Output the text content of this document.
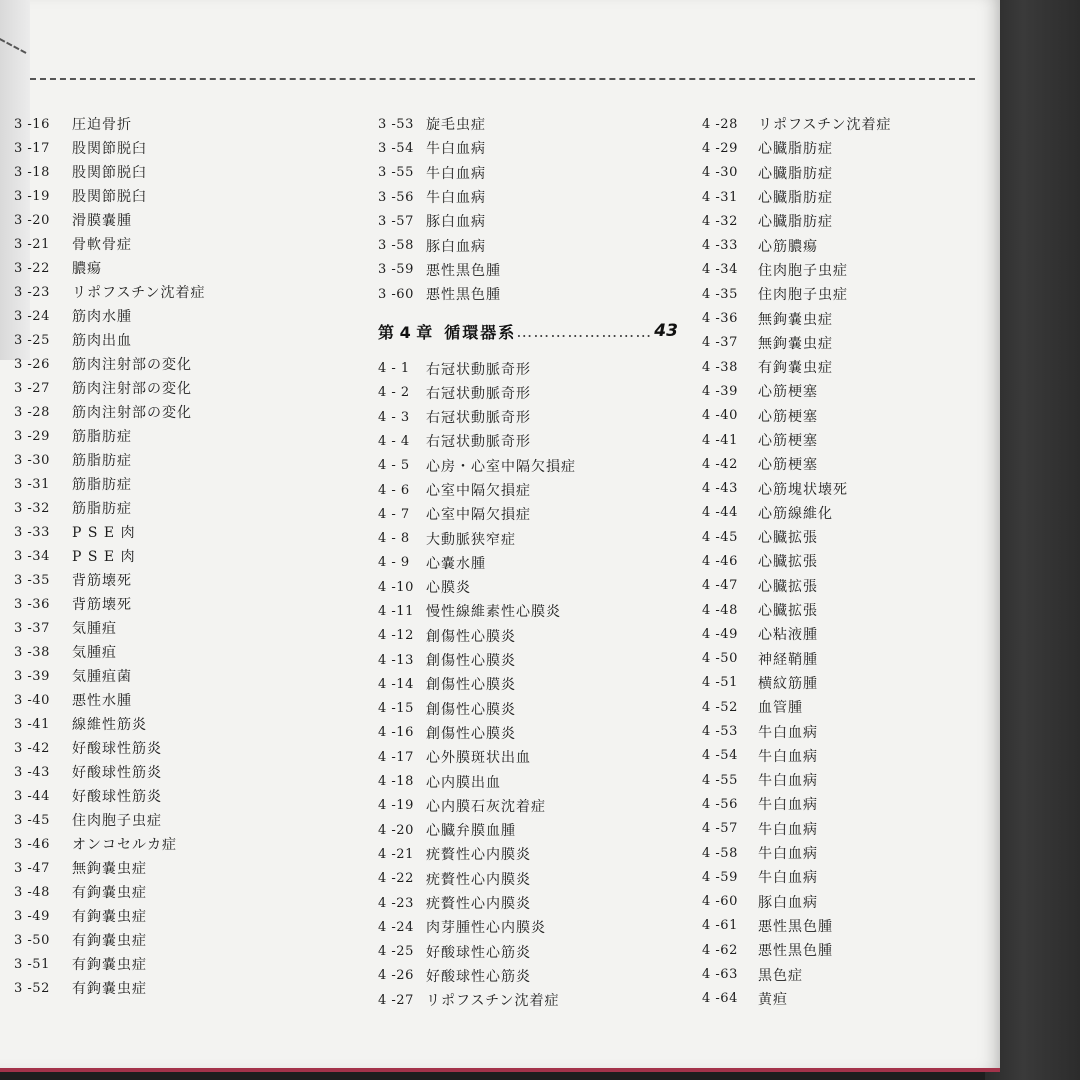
3 -16	圧迫骨折
3 -17	股関節脱臼
3 -18	股関節脱臼
3 -19	股関節脱臼
3 -20	滑膜嚢腫
3 -21	骨軟骨症
3 -22	膿瘍
3 -23	リポフスチン沈着症
3 -24	筋肉水腫
3 -25	筋肉出血
3 -26	筋肉注射部の変化
3 -27	筋肉注射部の変化
3 -28	筋肉注射部の変化
3 -29	筋脂肪症
3 -30	筋脂肪症
3 -31	筋脂肪症
3 -32	筋脂肪症
3 -33	P S E 肉
3 -34	P S E 肉
3 -35	背筋壊死
3 -36	背筋壊死
3 -37	気腫疽
3 -38	気腫疽
3 -39	気腫疽菌
3 -40	悪性水腫
3 -41	線維性筋炎
3 -42	好酸球性筋炎
3 -43	好酸球性筋炎
3 -44	好酸球性筋炎
3 -45	住肉胞子虫症
3 -46	オンコセルカ症
3 -47	無鉤嚢虫症
3 -48	有鉤嚢虫症
3 -49	有鉤嚢虫症
3 -50	有鉤嚢虫症
3 -51	有鉤嚢虫症
3 -52	有鉤嚢虫症
3 -53 旋毛虫症
3 -54 牛白血病
3 -55 牛白血病
3 -56 牛白血病
3 -57 豚白血病
3 -58 豚白血病
3 -59 悪性黒色腫
3 -60 悪性黒色腫
第 4 章 循環器系 …………………… 43
4 - 1	右冠状動脈奇形
4 - 2	右冠状動脈奇形
4 - 3	右冠状動脈奇形
4 - 4	右冠状動脈奇形
4 - 5	心房・心室中隔欠損症
4 - 6	心室中隔欠損症
4 - 7	心室中隔欠損症
4 - 8	大動脈狭窄症
4 - 9	心嚢水腫
4 -10 心膜炎
4 -11 慢性線維素性心膜炎
4 -12 創傷性心膜炎
4 -13 創傷性心膜炎
4 -14 創傷性心膜炎
4 -15 創傷性心膜炎
4 -16 創傷性心膜炎
4 -17 心外膜斑状出血
4 -18 心内膜出血
4 -19 心内膜石灰沈着症
4 -20 心臓弁膜血腫
4 -21 疣贅性心内膜炎
4 -22 疣贅性心内膜炎
4 -23 疣贅性心内膜炎
4 -24 肉芽腫性心内膜炎
4 -25 好酸球性心筋炎
4 -26 好酸球性心筋炎
4 -27 リポフスチン沈着症
4 -28	リポフスチン沈着症
4 -29	心臓脂肪症
4 -30	心臓脂肪症
4 -31	心臓脂肪症
4 -32	心臓脂肪症
4 -33	心筋膿瘍
4 -34	住肉胞子虫症
4 -35	住肉胞子虫症
4 -36	無鉤嚢虫症
4 -37	無鉤嚢虫症
4 -38	有鉤嚢虫症
4 -39	心筋梗塞
4 -40	心筋梗塞
4 -41	心筋梗塞
4 -42	心筋梗塞
4 -43	心筋塊状壊死
4 -44	心筋線維化
4 -45	心臓拡張
4 -46	心臓拡張
4 -47	心臓拡張
4 -48	心臓拡張
4 -49	心粘液腫
4 -50	神経鞘腫
4 -51	横紋筋腫
4 -52	血管腫
4 -53	牛白血病
4 -54	牛白血病
4 -55	牛白血病
4 -56	牛白血病
4 -57	牛白血病
4 -58	牛白血病
4 -59	牛白血病
4 -60	豚白血病
4 -61	悪性黒色腫
4 -62	悪性黒色腫
4 -63	黒色症
4 -64	黄疸
